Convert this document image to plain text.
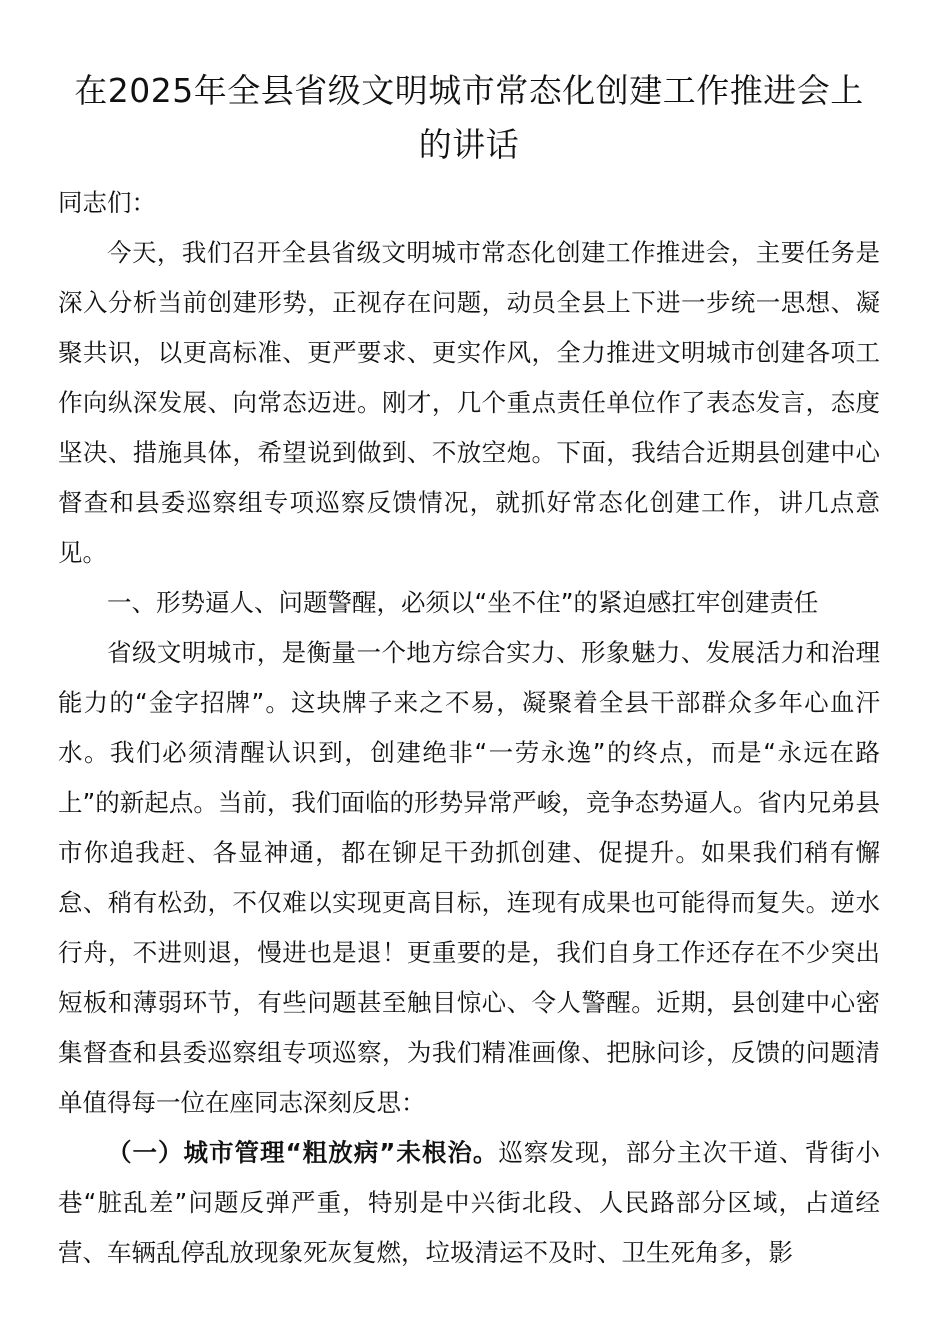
在2025年全县省级文明城市常态化创建工作推进会上的讲话

同志们：

今天，我们召开全县省级文明城市常态化创建工作推进会，主要任务是深入分析当前创建形势，正视存在问题，动员全县上下进一步统一思想、凝聚共识，以更高标准、更严要求、更实作风，全力推进文明城市创建各项工作向纵深发展、向常态迈进。刚才，几个重点责任单位作了表态发言，态度坚决、措施具体，希望说到做到、不放空炮。下面，我结合近期县创建中心督查和县委巡察组专项巡察反馈情况，就抓好常态化创建工作，讲几点意见。

一、形势逼人、问题警醒，必须以“坐不住”的紧迫感扛牢创建责任

省级文明城市，是衡量一个地方综合实力、形象魅力、发展活力和治理能力的“金字招牌”。这块牌子来之不易，凝聚着全县干部群众多年心血汗水。我们必须清醒认识到，创建绝非“一劳永逸”的终点，而是“永远在路上”的新起点。当前，我们面临的形势异常严峻，竞争态势逼人。省内兄弟县市你追我赶、各显神通，都在铆足干劲抓创建、促提升。如果我们稍有懈怠、稍有松劲，不仅难以实现更高目标，连现有成果也可能得而复失。逆水行舟，不进则退，慢进也是退！更重要的是，我们自身工作还存在不少突出短板和薄弱环节，有些问题甚至触目惊心、令人警醒。近期，县创建中心密集督查和县委巡察组专项巡察，为我们精准画像、把脉问诊，反馈的问题清单值得每一位在座同志深刻反思：

（一）城市管理“粗放病”未根治。巡察发现，部分主次干道、背街小巷“脏乱差”问题反弹严重，特别是中兴街北段、人民路部分区域，占道经营、车辆乱停乱放现象死灰复燃，垃圾清运不及时、卫生死角多，影
